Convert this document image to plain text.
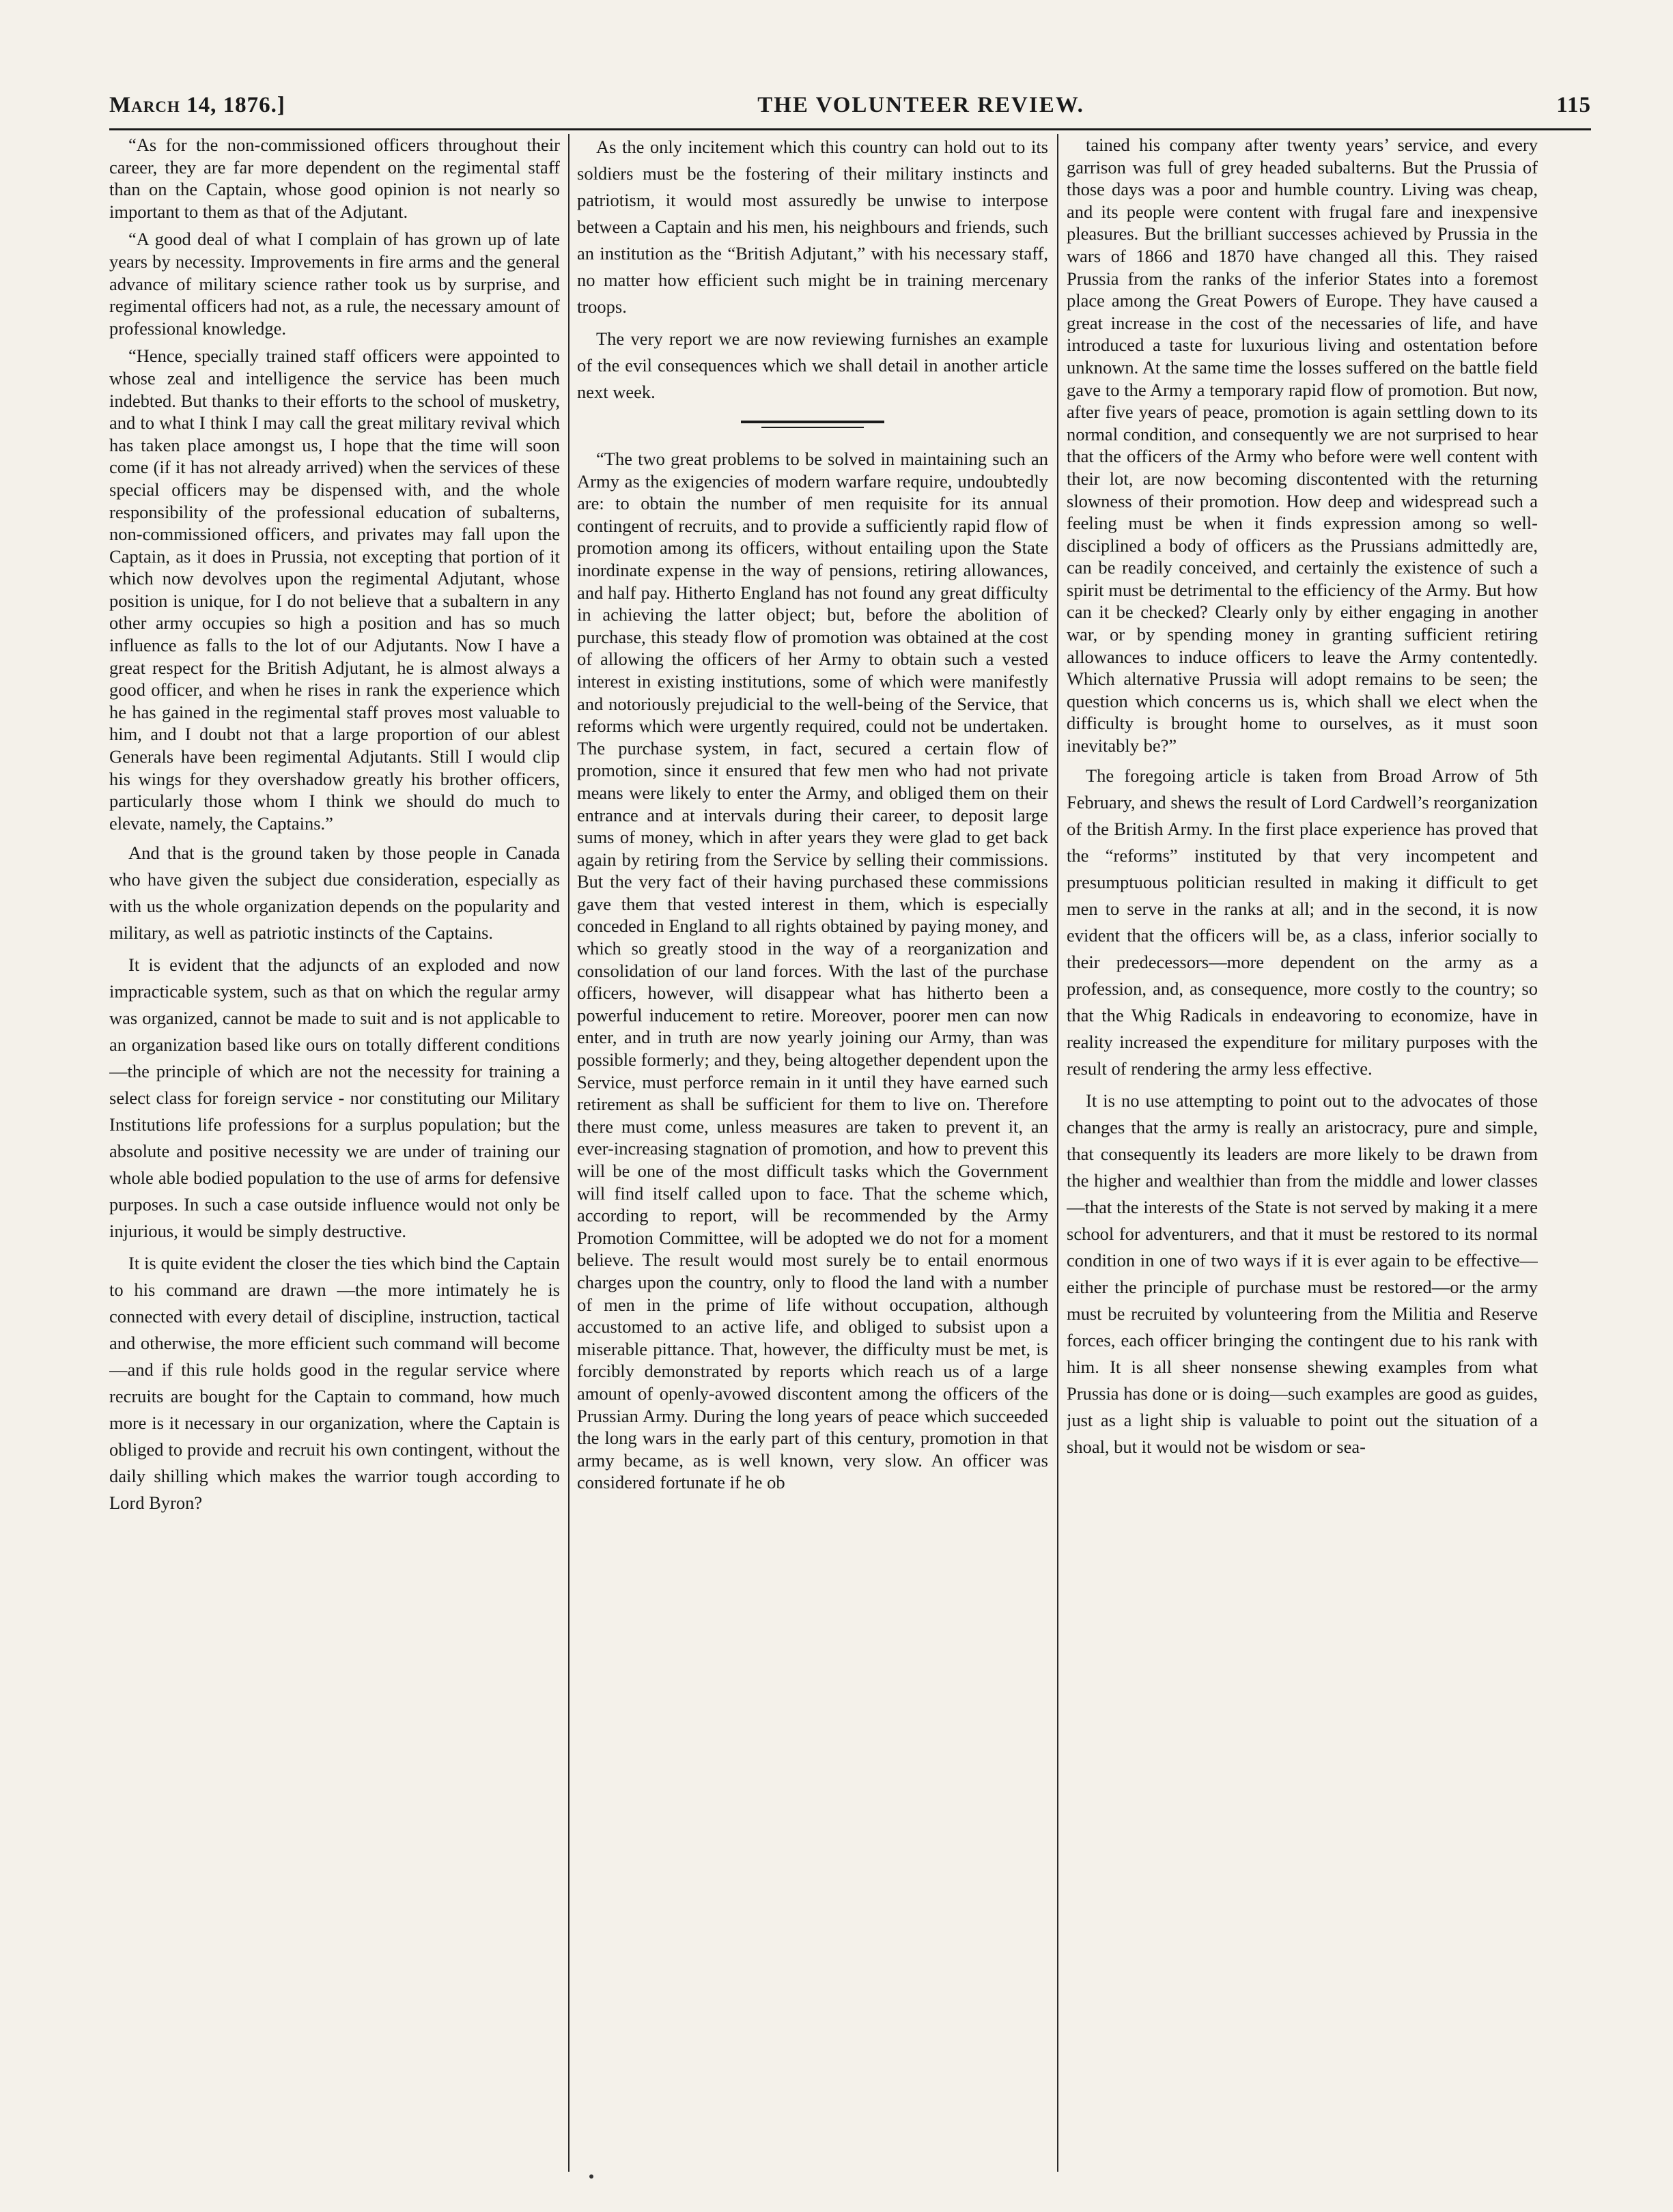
March 14, 1876.]	THE VOLUNTEER REVIEW.	115

“As for the non-commissioned officers throughout their career, they are far more dependent on the regimental staff than on the Captain, whose good opinion is not nearly so important to them as that of the Adjutant.

“A good deal of what I complain of has grown up of late years by necessity. Improvements in fire arms and the general advance of military science rather took us by surprise, and regimental officers had not, as a rule, the necessary amount of professional knowledge.

“Hence, specially trained staff officers were appointed to whose zeal and intelligence the service has been much indebted. But thanks to their efforts to the school of musketry, and to what I think I may call the great military revival which has taken place amongst us, I hope that the time will soon come (if it has not already arrived) when the services of these special officers may be dispensed with, and the whole responsibility of the professional education of subalterns, non-commissioned officers, and privates may fall upon the Captain, as it does in Prussia, not excepting that portion of it which now devolves upon the regimental Adjutant, whose position is unique, for I do not believe that a subaltern in any other army occupies so high a position and has so much influence as falls to the lot of our Adjutants. Now I have a great respect for the British Adjutant, he is almost always a good officer, and when he rises in rank the experience which he has gained in the regimental staff proves most valuable to him, and I doubt not that a large proportion of our ablest Generals have been regimental Adjutants. Still I would clip his wings for they overshadow greatly his brother officers, particularly those whom I think we should do much to elevate, namely, the Captains.”

And that is the ground taken by those people in Canada who have given the subject due consideration, especially as with us the whole organization depends on the popularity and military, as well as patriotic instincts of the Captains.

It is evident that the adjuncts of an exploded and now impracticable system, such as that on which the regular army was organized, cannot be made to suit and is not applicable to an organization based like ours on totally different conditions—the principle of which are not the necessity for training a select class for foreign service - nor constituting our Military Institutions life professions for a surplus population; but the absolute and positive necessity we are under of training our whole able bodied population to the use of arms for defensive purposes. In such a case outside influence would not only be injurious, it would be simply destructive.

It is quite evident the closer the ties which bind the Captain to his command are drawn —the more intimately he is connected with every detail of discipline, instruction, tactical and otherwise, the more efficient such command will become—and if this rule holds good in the regular service where recruits are bought for the Captain to command, how much more is it necessary in our organization, where the Captain is obliged to provide and recruit his own contingent, without the daily shilling which makes the warrior tough according to Lord Byron?

As the only incitement which this country can hold out to its soldiers must be the fostering of their military instincts and patriotism, it would most assuredly be unwise to interpose between a Captain and his men, his neighbours and friends, such an institution as the “British Adjutant,” with his necessary staff, no matter how efficient such might be in training mercenary troops.

The very report we are now reviewing furnishes an example of the evil consequences which we shall detail in another article next week.

“The two great problems to be solved in maintaining such an Army as the exigencies of modern warfare require, undoubtedly are: to obtain the number of men requisite for its annual contingent of recruits, and to provide a sufficiently rapid flow of promotion among its officers, without entailing upon the State inordinate expense in the way of pensions, retiring allowances, and half pay. Hitherto England has not found any great difficulty in achieving the latter object; but, before the abolition of purchase, this steady flow of promotion was obtained at the cost of allowing the officers of her Army to obtain such a vested interest in existing institutions, some of which were manifestly and notoriously prejudicial to the well-being of the Service, that reforms which were urgently required, could not be undertaken. The purchase system, in fact, secured a certain flow of promotion, since it ensured that few men who had not private means were likely to enter the Army, and obliged them on their entrance and at intervals during their career, to deposit large sums of money, which in after years they were glad to get back again by retiring from the Service by selling their commissions. But the very fact of their having purchased these commissions gave them that vested interest in them, which is especially conceded in England to all rights obtained by paying money, and which so greatly stood in the way of a reorganization and consolidation of our land forces. With the last of the purchase officers, however, will disappear what has hitherto been a powerful inducement to retire. Moreover, poorer men can now enter, and in truth are now yearly joining our Army, than was possible formerly; and they, being altogether dependent upon the Service, must perforce remain in it until they have earned such retirement as shall be sufficient for them to live on. Therefore there must come, unless measures are taken to prevent it, an ever-increasing stagnation of promotion, and how to prevent this will be one of the most difficult tasks which the Government will find itself called upon to face. That the scheme which, according to report, will be recommended by the Army Promotion Committee, will be adopted we do not for a moment believe. The result would most surely be to entail enormous charges upon the country, only to flood the land with a number of men in the prime of life without occupation, although accustomed to an active life, and obliged to subsist upon a miserable pittance. That, however, the difficulty must be met, is forcibly demonstrated by reports which reach us of a large amount of openly-avowed discontent among the officers of the Prussian Army. During the long years of peace which succeeded the long wars in the early part of this century, promotion in that army became, as is well known, very slow. An officer was considered fortunate if he ob

tained his company after twenty years’ service, and every garrison was full of grey headed subalterns. But the Prussia of those days was a poor and humble country. Living was cheap, and its people were content with frugal fare and inexpensive pleasures. But the brilliant successes achieved by Prussia in the wars of 1866 and 1870 have changed all this. They raised Prussia from the ranks of the inferior States into a foremost place among the Great Powers of Europe. They have caused a great increase in the cost of the necessaries of life, and have introduced a taste for luxurious living and ostentation before unknown. At the same time the losses suffered on the battle field gave to the Army a temporary rapid flow of promotion. But now, after five years of peace, promotion is again settling down to its normal condition, and consequently we are not surprised to hear that the officers of the Army who before were well content with their lot, are now becoming discontented with the returning slowness of their promotion. How deep and widespread such a feeling must be when it finds expression among so well-disciplined a body of officers as the Prussians admittedly are, can be readily conceived, and certainly the existence of such a spirit must be detrimental to the efficiency of the Army. But how can it be checked? Clearly only by either engaging in another war, or by spending money in granting sufficient retiring allowances to induce officers to leave the Army contentedly. Which alternative Prussia will adopt remains to be seen; the question which concerns us is, which shall we elect when the difficulty is brought home to ourselves, as it must soon inevitably be?”

The foregoing article is taken from Broad Arrow of 5th February, and shews the result of Lord Cardwell’s reorganization of the British Army. In the first place experience has proved that the “reforms” instituted by that very incompetent and presumptuous politician resulted in making it difficult to get men to serve in the ranks at all; and in the second, it is now evident that the officers will be, as a class, inferior socially to their predecessors—more dependent on the army as a profession, and, as consequence, more costly to the country; so that the Whig Radicals in endeavoring to economize, have in reality increased the expenditure for military purposes with the result of rendering the army less effective.

It is no use attempting to point out to the advocates of those changes that the army is really an aristocracy, pure and simple, that consequently its leaders are more likely to be drawn from the higher and wealthier than from the middle and lower classes—that the interests of the State is not served by making it a mere school for adventurers, and that it must be restored to its normal condition in one of two ways if it is ever again to be effective—either the principle of purchase must be restored—or the army must be recruited by volunteering from the Militia and Reserve forces, each officer bringing the contingent due to his rank with him. It is all sheer nonsense shewing examples from what Prussia has done or is doing—such examples are good as guides, just as a light ship is valuable to point out the situation of a shoal, but it would not be wisdom or sea-
